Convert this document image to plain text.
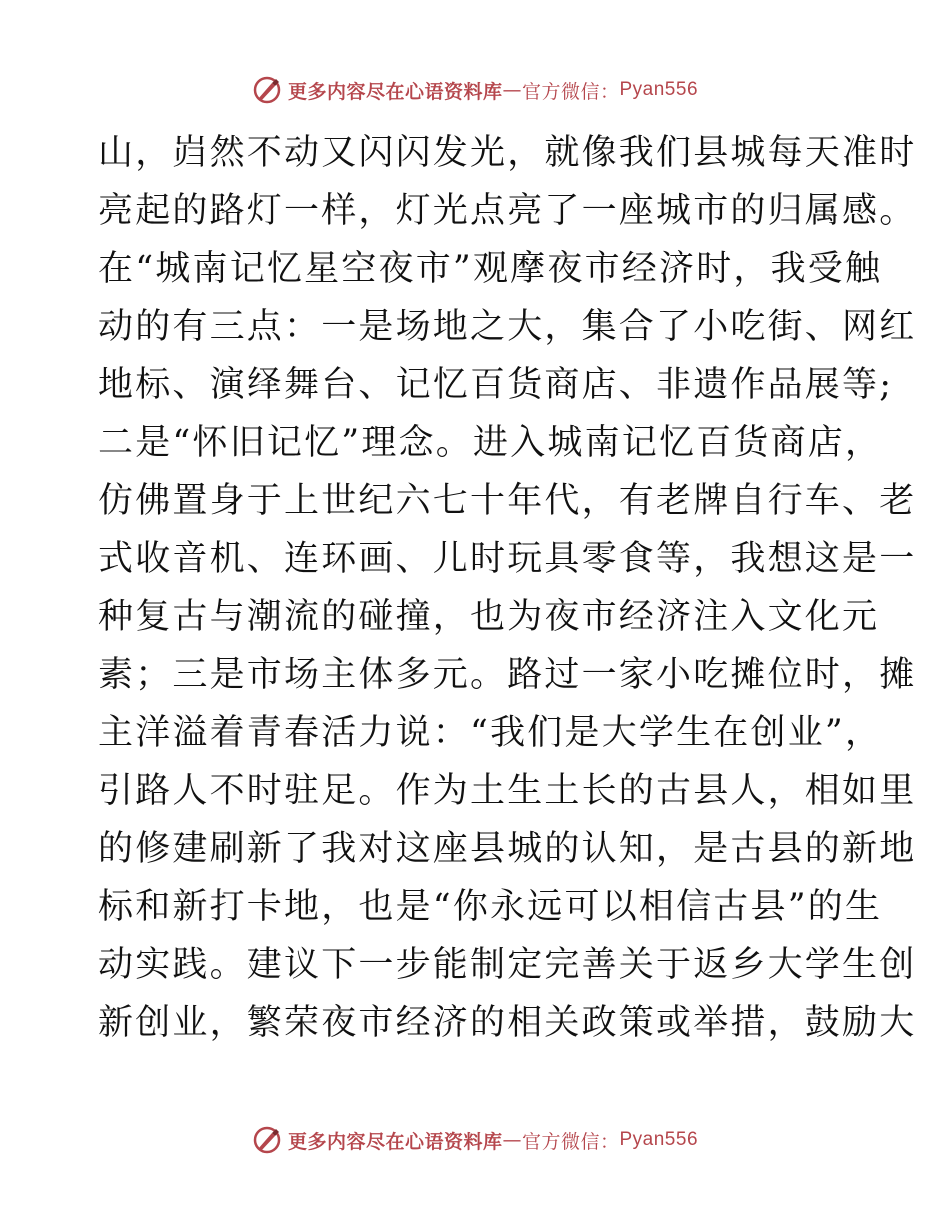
更多内容尽在心语资料库 — 官方微信： Pyan556
山，岿然不动又闪闪发光，就像我们县城每天准时
亮起的路灯一样，灯光点亮了一座城市的归属感。
在“城南记忆星空夜市”观摩夜市经济时，我受触
动的有三点：一是场地之大，集合了小吃街、网红
地标、演绎舞台、记忆百货商店、非遗作品展等;
二是“怀旧记忆”理念。进入城南记忆百货商店，
仿佛置身于上世纪六七十年代，有老牌自行车、老
式收音机、连环画、儿时玩具零食等，我想这是一
种复古与潮流的碰撞，也为夜市经济注入文化元
素；三是市场主体多元。路过一家小吃摊位时，摊
主洋溢着青春活力说：“我们是大学生在创业”，
引路人不时驻足。作为土生土长的古县人，相如里
的修建刷新了我对这座县城的认知，是古县的新地
标和新打卡地，也是“你永远可以相信古县”的生
动实践。建议下一步能制定完善关于返乡大学生创
新创业，繁荣夜市经济的相关政策或举措，鼓励大
更多内容尽在心语资料库 — 官方微信： Pyan556
